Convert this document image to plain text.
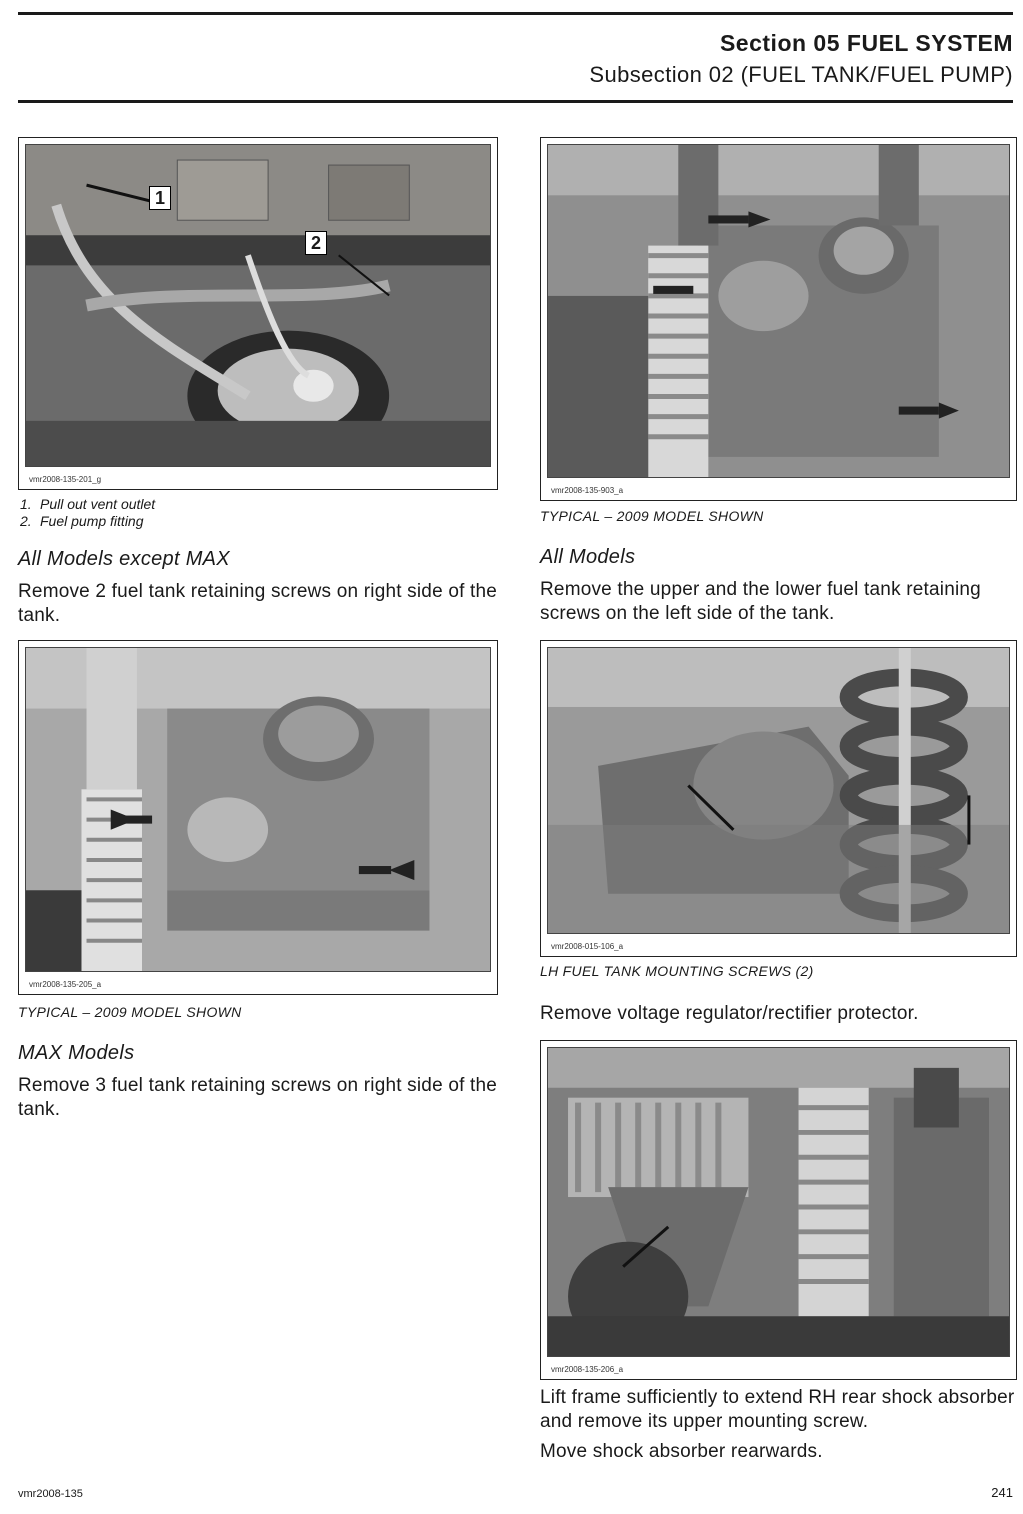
Section 05 FUEL SYSTEM
Subsection 02 (FUEL TANK/FUEL PUMP)
1
2
vmr2008-135-201_g
1. Pull out vent outlet
2. Fuel pump fitting
All Models except MAX
Remove 2 fuel tank retaining screws on right side of the tank.
vmr2008-135-205_a
TYPICAL – 2009 MODEL SHOWN
MAX Models
Remove 3 fuel tank retaining screws on right side of the tank.
vmr2008-135-903_a
TYPICAL – 2009 MODEL SHOWN
All Models
Remove the upper and the lower fuel tank retaining screws on the left side of the tank.
vmr2008-015-106_a
LH FUEL TANK MOUNTING SCREWS (2)
Remove voltage regulator/rectifier protector.
vmr2008-135-206_a
Lift frame sufficiently to extend RH rear shock absorber and remove its upper mounting screw.
Move shock absorber rearwards.
vmr2008-135	241
